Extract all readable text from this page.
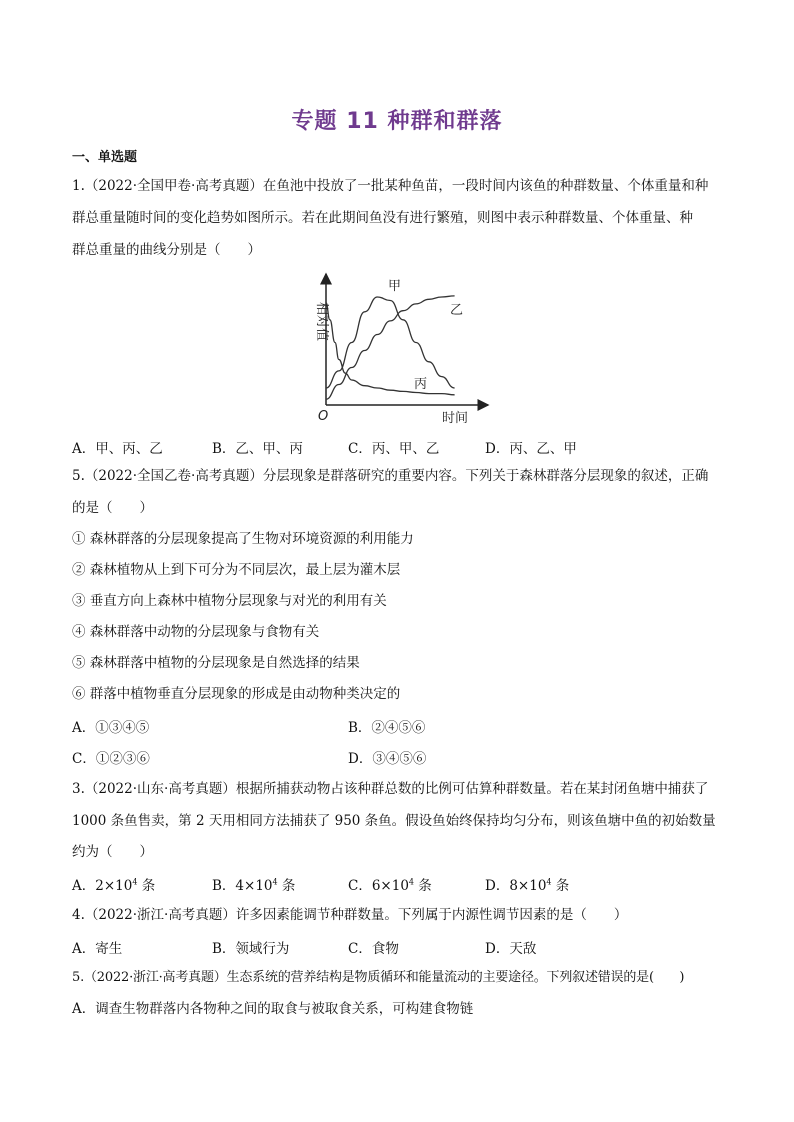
专题 11 种群和群落
一、单选题
1.（2022·全国甲卷·高考真题）在鱼池中投放了一批某种鱼苗，一段时间内该鱼的种群数量、个体重量和种
群总重量随时间的变化趋势如图所示。若在此期间鱼没有进行繁殖，则图中表示种群数量、个体重量、种
群总重量的曲线分别是（　　）
相对值
O	时间
甲
乙
丙
A．甲、丙、乙	B．乙、甲、丙	C．丙、甲、乙	D．丙、乙、甲
5.（2022·全国乙卷·高考真题）分层现象是群落研究的重要内容。下列关于森林群落分层现象的叙述，正确
的是（　　）
① 森林群落的分层现象提高了生物对环境资源的利用能力
② 森林植物从上到下可分为不同层次，最上层为灌木层
③ 垂直方向上森林中植物分层现象与对光的利用有关
④ 森林群落中动物的分层现象与食物有关
⑤ 森林群落中植物的分层现象是自然选择的结果
⑥ 群落中植物垂直分层现象的形成是由动物种类决定的
A．①③④⑤	B．②④⑤⑥
C．①②③⑥	D．③④⑤⑥
3.（2022·山东·高考真题）根据所捕获动物占该种群总数的比例可估算种群数量。若在某封闭鱼塘中捕获了
1000 条鱼售卖，第 2 天用相同方法捕获了 950 条鱼。假设鱼始终保持均匀分布，则该鱼塘中鱼的初始数量
约为（　　）
A．$2\times 10^4$ 条	B．$4\times 10^4$ 条	C．$6\times 10^4$ 条	D．$8\times 10^4$ 条
4.（2022·浙江·高考真题）许多因素能调节种群数量。下列属于内源性调节因素的是（　　）
A．寄生	B．领域行为	C．食物	D．天敌
5.（2022·浙江·高考真题）生态系统的营养结构是物质循环和能量流动的主要途径。下列叙述错误的是(　　)
A．调查生物群落内各物种之间的取食与被取食关系，可构建食物链
